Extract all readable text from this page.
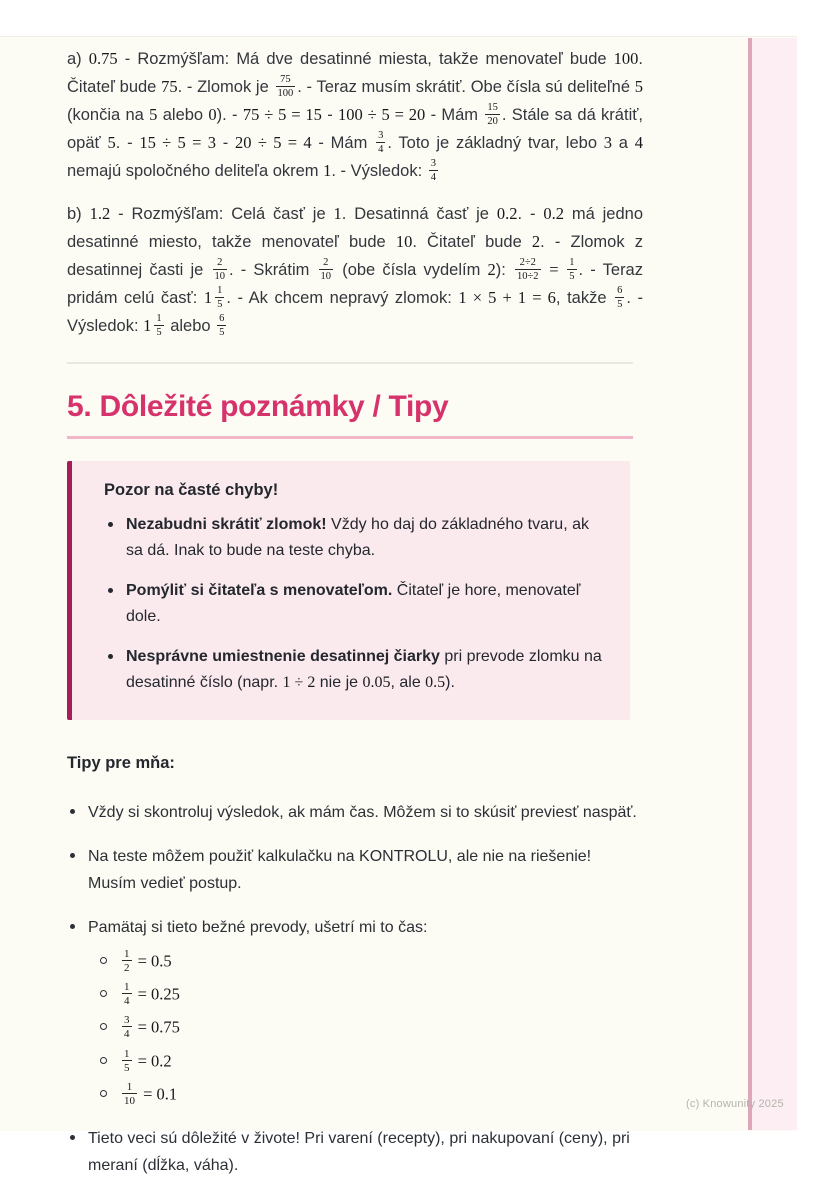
a) 0.75 - Rozmýšľam: Má dve desatinné miesta, takže menovateľ bude 100. Čitateľ bude 75. - Zlomok je $\frac{75}{100}$ . - Teraz musím skrátiť. Obe čísla sú deliteľné 5 (končia na 5 alebo 0). - 75 ÷ 5 = 15 - 100 ÷ 5 = 20 - Mám $\frac{15}{20}$ . Stále sa dá krátiť, opäť 5. - 15 ÷ 5 = 3 - 20 ÷ 5 = 4 - Mám $\frac{3}{4}$ . Toto je základný tvar, lebo 3 a 4 nemajú spoločného deliteľa okrem 1. - Výsledok: $\frac{3}{4}$

b) 1.2 - Rozmýšľam: Celá časť je 1. Desatinná časť je 0.2. - 0.2 má jedno desatinné miesto, takže menovateľ bude 10. Čitateľ bude 2. - Zlomok z desatinnej časti je $\frac{2}{10}$ . - Skrátim $\frac{2}{10} (obe$ čísla vydelím 2): $\frac{2\div 2}{10\div 2} = \frac{1}{5}$ . - Teraz pridám celú časť: $1 \frac{1}{5}$ . - Ak chcem nepravý zlomok: 1 × 5 + 1 = 6, takže $\frac{6}{5}$ . - Výsledok: $1 \frac{1}{5}$ alebo $\frac{6}{5}$

5. Dôležité poznámky / Tipy

Pozor na časté chyby!

Nezabudni skrátiť zlomok! Vždy ho daj do základného tvaru, ak sa dá. Inak to bude na teste chyba.
Pomýliť si čitateľa s menovateľom. Čitateľ je hore, menovateľ dole.
Nesprávne umiestnenie desatinnej čiarky pri prevode zlomku na desatinné číslo (napr. 1 ÷ 2 nie je 0.05, ale 0.5).

Tipy pre mňa:

Vždy si skontroluj výsledok, ak mám čas. Môžem si to skúsiť previesť naspäť.
Na teste môžem použiť kalkulačku na KONTROLU, ale nie na riešenie! Musím vedieť postup.
Pamätaj si tieto bežné prevody, ušetrí mi to čas:
$\frac{1}{2} = 0.5$
$\frac{1}{4} = 0.25$
$\frac{3}{4} = 0.75$
$\frac{1}{5} = 0.2$
$\frac{1}{10} = 0.1$
Tieto veci sú dôležité v živote! Pri varení (recepty), pri nakupovaní (ceny), pri meraní (dĺžka, váha).
(c) Knowunity 2025
